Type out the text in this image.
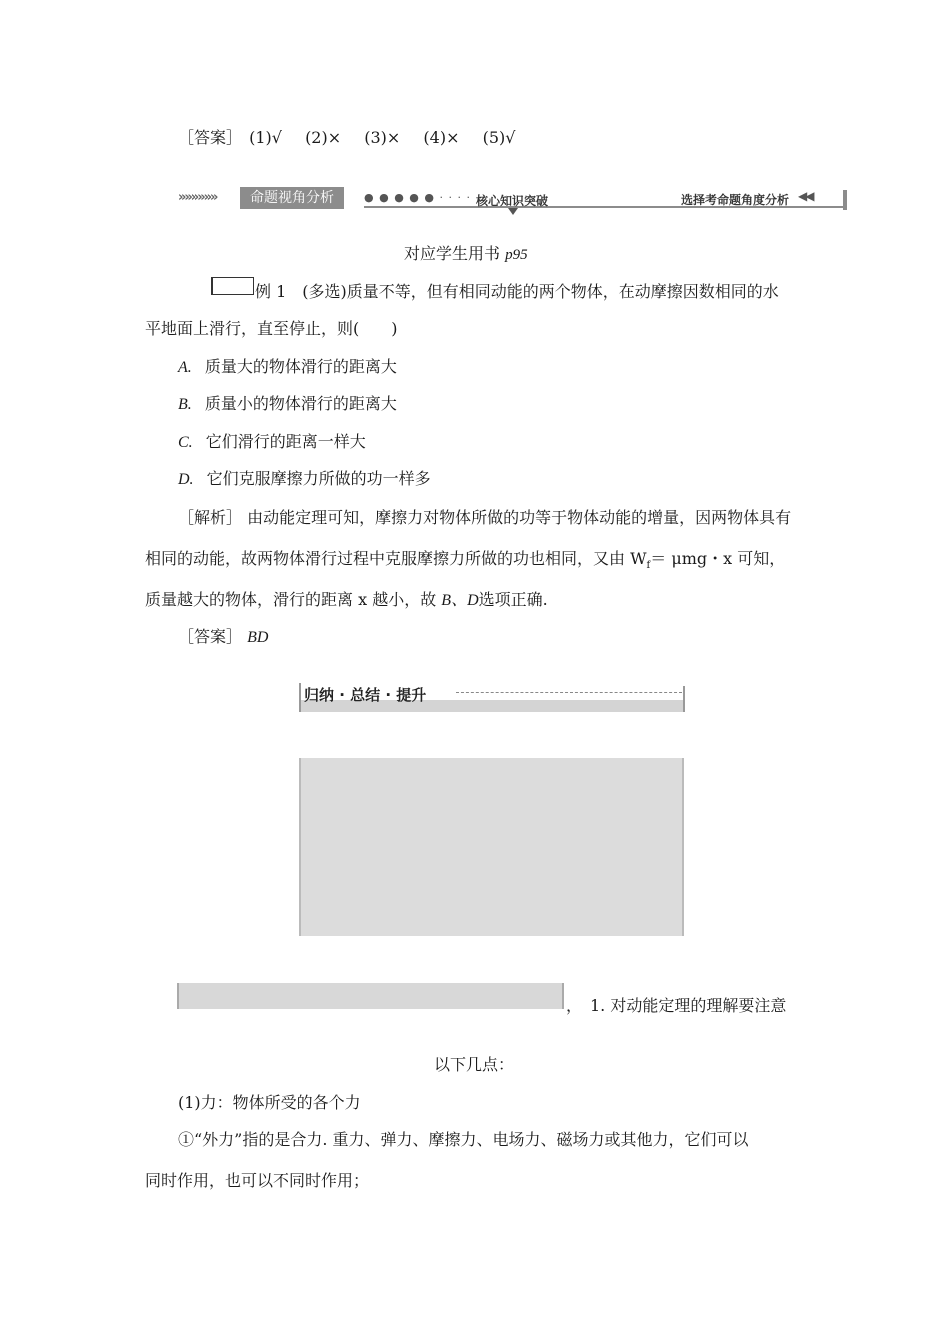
［答案］ (1)√ (2)× (3)× (4)× (5)√
»»»»»»	命题视角分析	● ● ● ● ● · · · · 核心知识突破	选择考命题角度分析 ◀◀
对应学生用书 p95
例 1　(多选)质量不等，但有相同动能的两个物体，在动摩擦因数相同的水
平地面上滑行，直至停止，则(　　)
A. 质量大的物体滑行的距离大
B. 质量小的物体滑行的距离大
C. 它们滑行的距离一样大
D. 它们克服摩擦力所做的功一样多
［解析］ 由动能定理可知，摩擦力对物体所做的功等于物体动能的增量，因两物体具有
相同的动能，故两物体滑行过程中克服摩擦力所做的功也相同，又由 $W_f= \mu mg$・x 可知，
质量越大的物体，滑行的距离 x 越小，故 B、D选项正确.
［答案］ BD
归纳 · 总结 · 提升
，　1. 对动能定理的理解要注意
以下几点：
(1)力：物体所受的各个力
①“外力”指的是合力. 重力、弹力、摩擦力、电场力、磁场力或其他力，它们可以
同时作用，也可以不同时作用；
